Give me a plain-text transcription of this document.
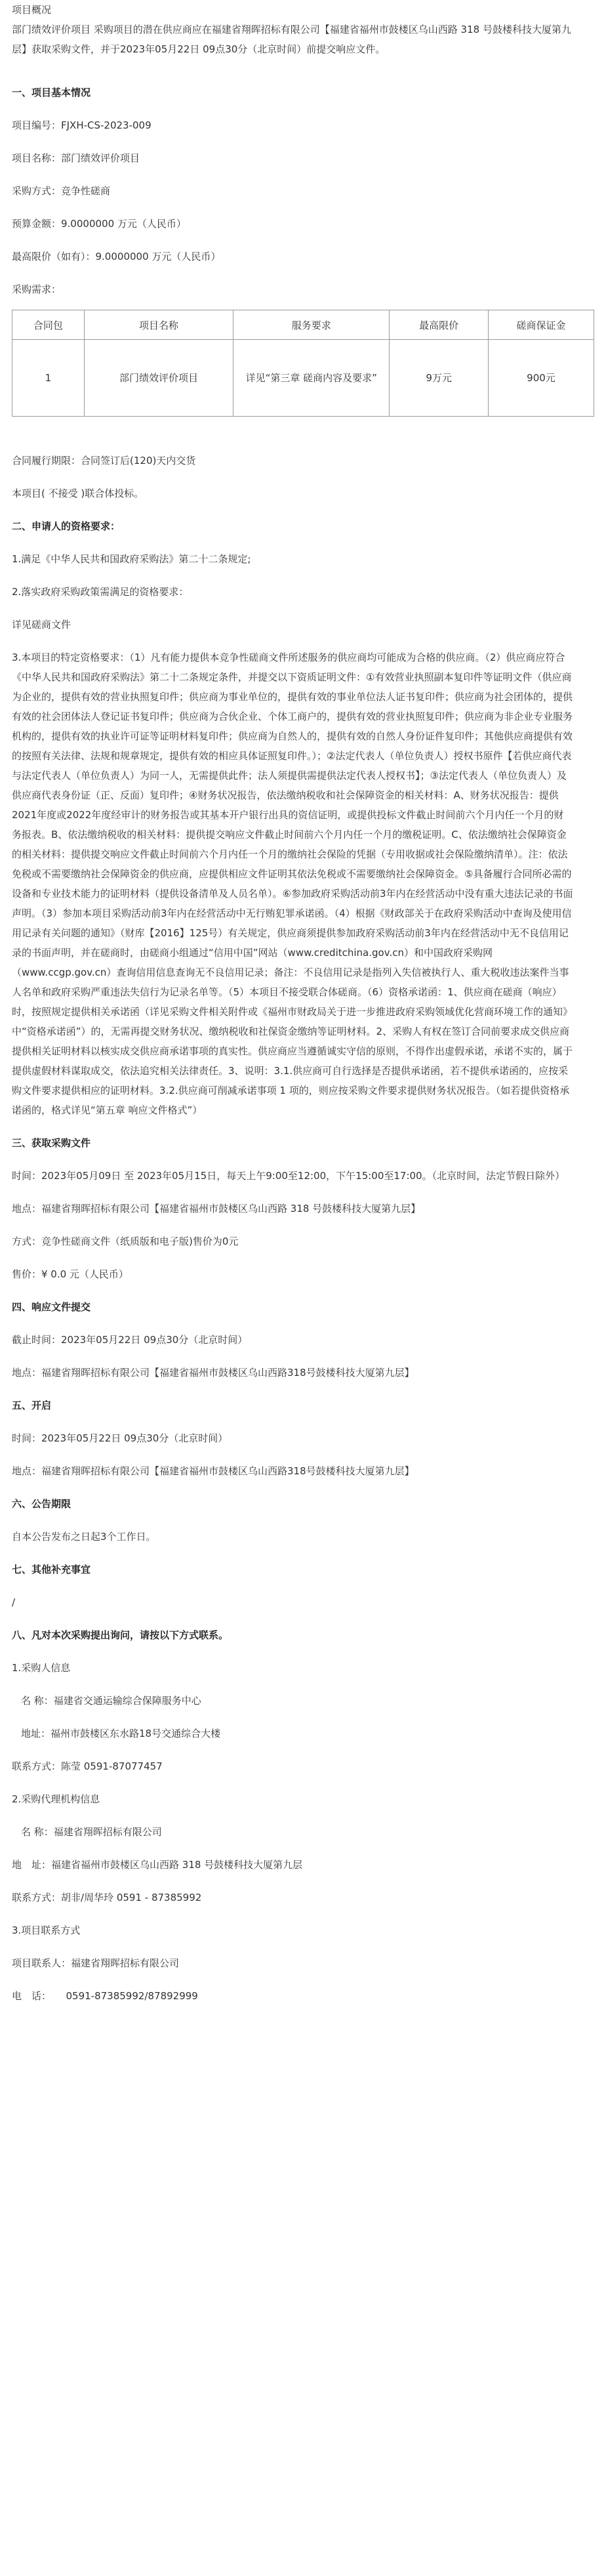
项目概况

部门绩效评价项目 采购项目的潜在供应商应在福建省翔晖招标有限公司【福建省福州市鼓楼区乌山西路 318 号鼓楼科技大厦第九层】获取采购文件，并于2023年05月22日 09点30分（北京时间）前提交响应文件。

一、项目基本情况

项目编号：FJXH-CS-2023-009

项目名称：部门绩效评价项目

采购方式：竞争性磋商

预算金额：9.0000000 万元（人民币）

最高限价（如有）：9.0000000 万元（人民币）

采购需求：

合同包	项目名称	服务要求	最高限价	磋商保证金
1	部门绩效评价项目	详见“第三章 磋商内容及要求”	9万元	900元

合同履行期限：合同签订后(120)天内交货

本项目( 不接受 )联合体投标。

二、申请人的资格要求：

1.满足《中华人民共和国政府采购法》第二十二条规定;

2.落实政府采购政策需满足的资格要求：

详见磋商文件

3.本项目的特定资格要求：（1）凡有能力提供本竞争性磋商文件所述服务的供应商均可能成为合格的供应商。（2）供应商应符合《中华人民共和国政府采购法》第二十二条规定条件，并提交以下资质证明文件：①有效营业执照副本复印件等证明文件（供应商为企业的，提供有效的营业执照复印件；供应商为事业单位的，提供有效的事业单位法人证书复印件；供应商为社会团体的，提供有效的社会团体法人登记证书复印件；供应商为合伙企业、个体工商户的，提供有效的营业执照复印件；供应商为非企业专业服务机构的，提供有效的执业许可证等证明材料复印件；供应商为自然人的，提供有效的自然人身份证件复印件；其他供应商提供有效的按照有关法律、法规和规章规定，提供有效的相应具体证照复印件。）；②法定代表人（单位负责人）授权书原件【若供应商代表与法定代表人（单位负责人）为同一人，无需提供此件；法人须提供需提供法定代表人授权书】；③法定代表人（单位负责人）及供应商代表身份证（正、反面）复印件；④财务状况报告，依法缴纳税收和社会保障资金的相关材料：A、财务状况报告：提供2021年度或2022年度经审计的财务报告或其基本开户银行出具的资信证明，或提供投标文件截止时间前六个月内任一个月的财务报表。B、依法缴纳税收的相关材料：提供提交响应文件截止时间前六个月内任一个月的缴税证明。C、依法缴纳社会保障资金的相关材料：提供提交响应文件截止时间前六个月内任一个月的缴纳社会保险的凭据（专用收据或社会保险缴纳清单）。注：依法免税或不需要缴纳社会保障资金的供应商，应提供相应文件证明其依法免税或不需要缴纳社会保障资金。⑤具备履行合同所必需的设备和专业技术能力的证明材料（提供设备清单及人员名单）。⑥参加政府采购活动前3年内在经营活动中没有重大违法记录的书面声明。（3）参加本项目采购活动前3年内在经营活动中无行贿犯罪承诺函。（4）根据《财政部关于在政府采购活动中查询及使用信用记录有关问题的通知》（财库【2016】125号）有关规定，供应商须提供参加政府采购活动前3年内在经营活动中无不良信用记录的书面声明，并在磋商时，由磋商小组通过“信用中国”网站（www.creditchina.gov.cn）和中国政府采购网（www.ccgp.gov.cn）查询信用信息查询无不良信用记录；备注：不良信用记录是指列入失信被执行人、重大税收违法案件当事人名单和政府采购严重违法失信行为记录名单等。（5）本项目不接受联合体磋商。（6）资格承诺函：1、供应商在磋商（响应）时，按照规定提供相关承诺函（详见采购文件相关附件或《福州市财政局关于进一步推进政府采购领域优化营商环境工作的通知》中“资格承诺函”）的，无需再提交财务状况、缴纳税收和社保资金缴纳等证明材料。2、采购人有权在签订合同前要求成交供应商提供相关证明材料以核实成交供应商承诺事项的真实性。供应商应当遵循诚实守信的原则，不得作出虚假承诺，承诺不实的，属于提供虚假材料谋取成交，依法追究相关法律责任。3、说明：3.1.供应商可自行选择是否提供承诺函，若不提供承诺函的，应按采购文件要求提供相应的证明材料。3.2.供应商可削减承诺事项 1 项的，则应按采购文件要求提供财务状况报告。（如若提供资格承诺函的，格式详见“第五章 响应文件格式”）

三、获取采购文件

时间：2023年05月09日 至 2023年05月15日，每天上午9:00至12:00，下午15:00至17:00。（北京时间，法定节假日除外）

地点：福建省翔晖招标有限公司【福建省福州市鼓楼区乌山西路 318 号鼓楼科技大厦第九层】

方式：竞争性磋商文件（纸质版和电子版)售价为0元

售价：¥ 0.0 元（人民币）

四、响应文件提交

截止时间：2023年05月22日 09点30分（北京时间）

地点：福建省翔晖招标有限公司【福建省福州市鼓楼区乌山西路318号鼓楼科技大厦第九层】

五、开启

时间：2023年05月22日 09点30分（北京时间）

地点：福建省翔晖招标有限公司【福建省福州市鼓楼区乌山西路318号鼓楼科技大厦第九层】

六、公告期限

自本公告发布之日起3个工作日。

七、其他补充事宜

/

八、凡对本次采购提出询问，请按以下方式联系。

1.采购人信息

名 称：福建省交通运输综合保障服务中心

地址：福州市鼓楼区东水路18号交通综合大楼

联系方式：陈莹 0591-87077457

2.采购代理机构信息

名 称：福建省翔晖招标有限公司

地　址：福建省福州市鼓楼区乌山西路 318 号鼓楼科技大厦第九层

联系方式：胡非/周华玲 0591 - 87385992

3.项目联系方式

项目联系人：福建省翔晖招标有限公司

电　话：　　0591-87385992/87892999
